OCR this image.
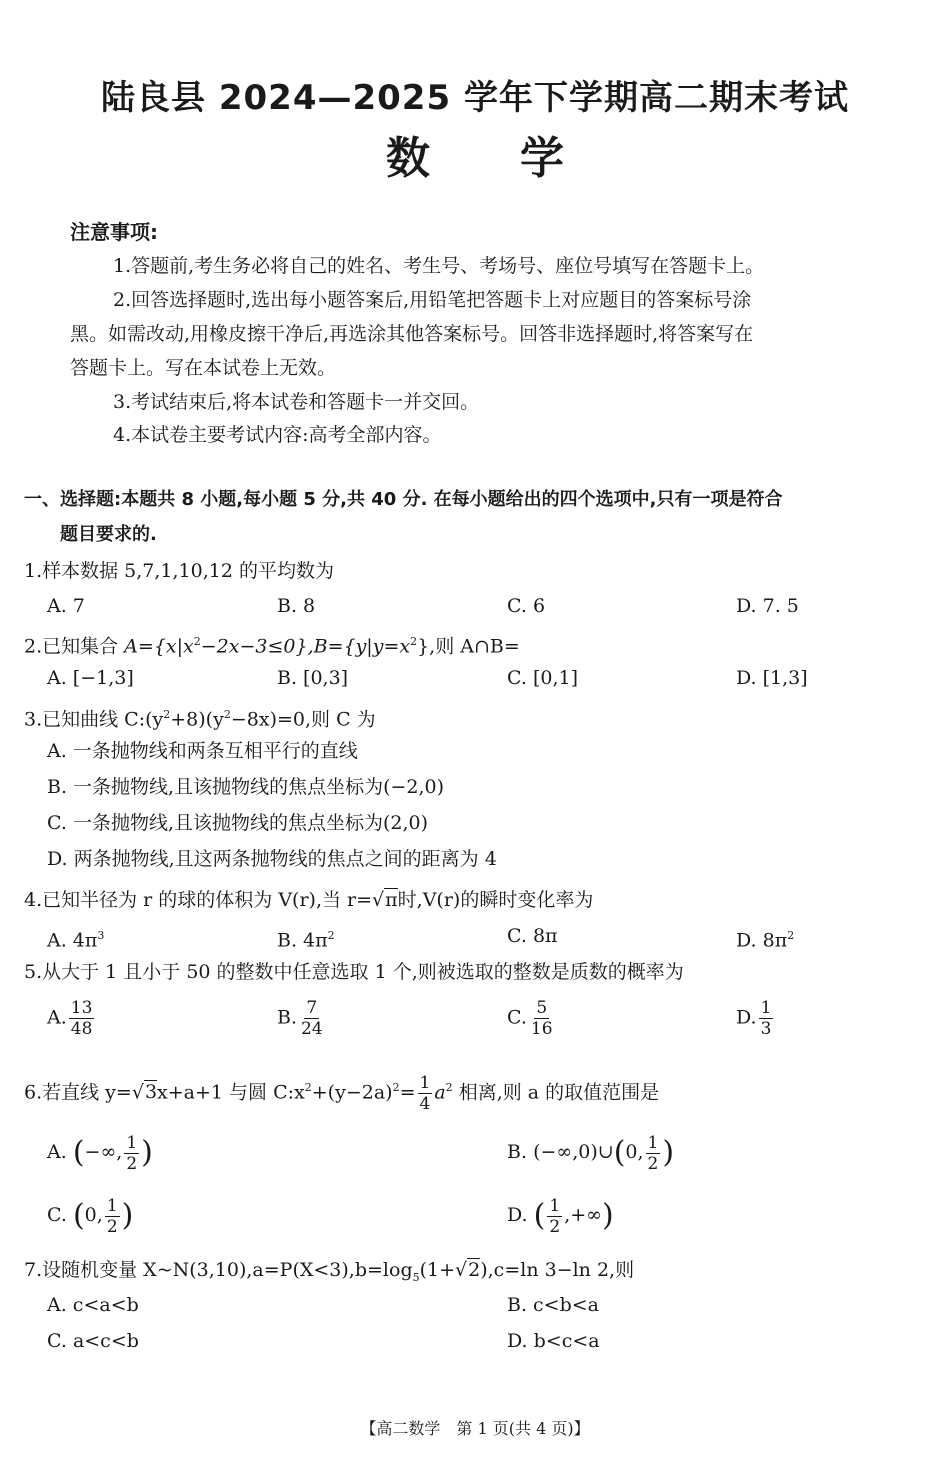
陆良县 2024—2025 学年下学期高二期末考试
数学
注意事项:
1.答题前,考生务必将自己的姓名、考生号、考场号、座位号填写在答题卡上。
2.回答选择题时,选出每小题答案后,用铅笔把答题卡上对应题目的答案标号涂
黑。如需改动,用橡皮擦干净后,再选涂其他答案标号。回答非选择题时,将答案写在
答题卡上。写在本试卷上无效。
3.考试结束后,将本试卷和答题卡一并交回。
4.本试卷主要考试内容:高考全部内容。
一、选择题:本题共 8 小题,每小题 5 分,共 40 分. 在每小题给出的四个选项中,只有一项是符合
题目要求的.
1.样本数据 5,7,1,10,12 的平均数为
A. 7	B. 8	C. 6	D. 7. 5
2.已知集合 $A=\{x|x^2-2x-3\le 0\},B=\{y|y=x^2\}$,则 A∩B=
A. [−1,3]	B. [0,3]	C. [0,1]	D. [1,3]
3.已知曲线 $C:(y^2+8)(y^2-8x)=0$,则 C 为
A. 一条抛物线和两条互相平行的直线
B. 一条抛物线,且该抛物线的焦点坐标为(−2,0)
C. 一条抛物线,且该抛物线的焦点坐标为(2,0)
D. 两条抛物线,且这两条抛物线的焦点之间的距离为 4
4.已知半径为 r 的球的体积为 V(r),当 r=√π时,V(r)的瞬时变化率为
A. $4\pi^3$	B. $4\pi^2$	C. 8π	D. $8\pi^2$
5.从大于 1 且小于 50 的整数中任意选取 1 个,则被选取的整数是质数的概率为
A. $\frac{13}{48}$	B. $\frac{7}{24}$	C. $\frac{5}{16}$	D. $\frac{1}{3}$
6.若直线 y=√3x+a+1 与圆 $C:x^2+(y-2a)^2= \frac{1}{4} a^2$ 相离,则 a 的取值范围是
A. (−∞, $\frac{1}{2}$ )	B. (−∞,0)∪(0, $\frac{1}{2}$ )
C. (0, $\frac{1}{2}$ )	D. ( $\frac{1}{2}$ ,+∞)
7.设随机变量 $X\sim N(3,10),a=P(X<3),b=\log_5(1+√2),c=\ln$ 3−ln 2,则
A. c<a<b	B. c<b<a
C. a<c<b	D. b<c<a
【高二数学　第 1 页(共 4 页)】
